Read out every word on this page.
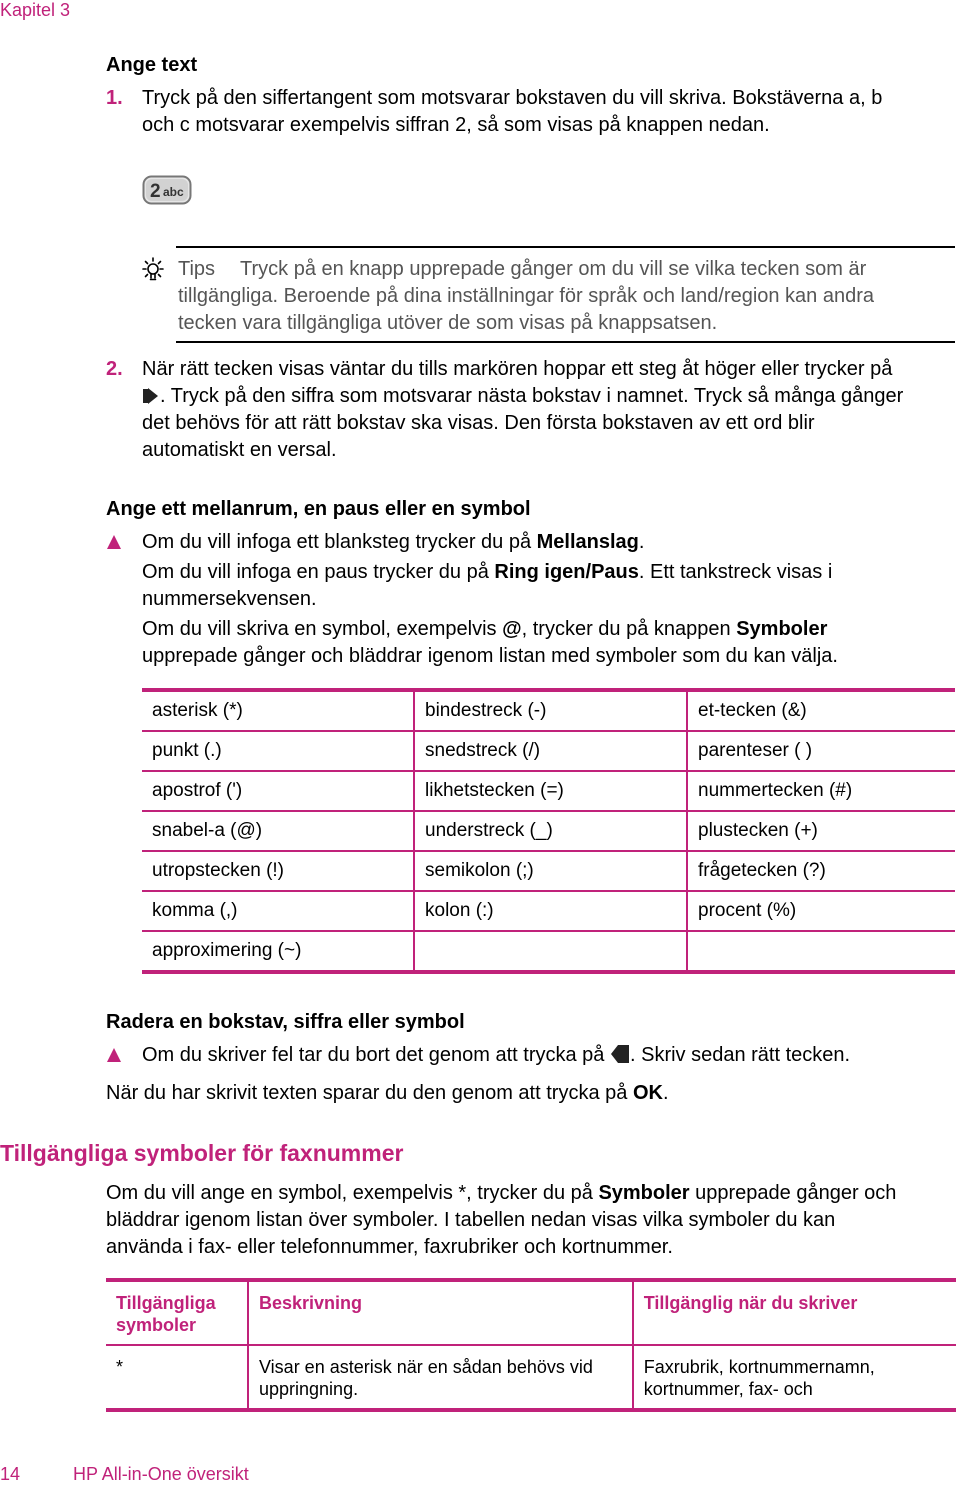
Kapitel 3
Ange text
1. Tryck på den siffertangent som motsvarar bokstaven du vill skriva. Bokstäverna a, b
och c motsvarar exempelvis siffran 2, så som visas på knappen nedan.
2 abc
Tips Tryck på en knapp upprepade gånger om du vill se vilka tecken som är
tillgängliga. Beroende på dina inställningar för språk och land/region kan andra
tecken vara tillgängliga utöver de som visas på knappsatsen.
2. När rätt tecken visas väntar du tills markören hoppar ett steg åt höger eller trycker på
. Tryck på den siffra som motsvarar nästa bokstav i namnet. Tryck så många gånger
det behövs för att rätt bokstav ska visas. Den första bokstaven av ett ord blir
automatiskt en versal.
Ange ett mellanrum, en paus eller en symbol
Om du vill infoga ett blanksteg trycker du på Mellanslag.
Om du vill infoga en paus trycker du på Ring igen/Paus. Ett tankstreck visas i
nummersekvensen.
Om du vill skriva en symbol, exempelvis @, trycker du på knappen Symboler
upprepade gånger och bläddrar igenom listan med symboler som du kan välja.
asterisk (*)	bindestreck (-)	et-tecken (&)
punkt (.)	snedstreck (/)	parenteser ( )
apostrof (')	likhetstecken (=)	nummertecken (#)
snabel-a (@)	understreck (_)	plustecken (+)
utropstecken (!)	semikolon (;)	frågetecken (?)
komma (,)	kolon (:)	procent (%)
approximering (~)		
Radera en bokstav, siffra eller symbol
Om du skriver fel tar du bort det genom att trycka på . Skriv sedan rätt tecken.
När du har skrivit texten sparar du den genom att trycka på OK.
Tillgängliga symboler för faxnummer
Om du vill ange en symbol, exempelvis *, trycker du på Symboler upprepade gånger och
bläddrar igenom listan över symboler. I tabellen nedan visas vilka symboler du kan
använda i fax- eller telefonnummer, faxrubriker och kortnummer.
Tillgängliga symboler	Beskrivning	Tillgänglig när du skriver
*	Visar en asterisk när en sådan behövs vid uppringning.	Faxrubrik, kortnummernamn, kortnummer, fax- och
14	HP All-in-One översikt
